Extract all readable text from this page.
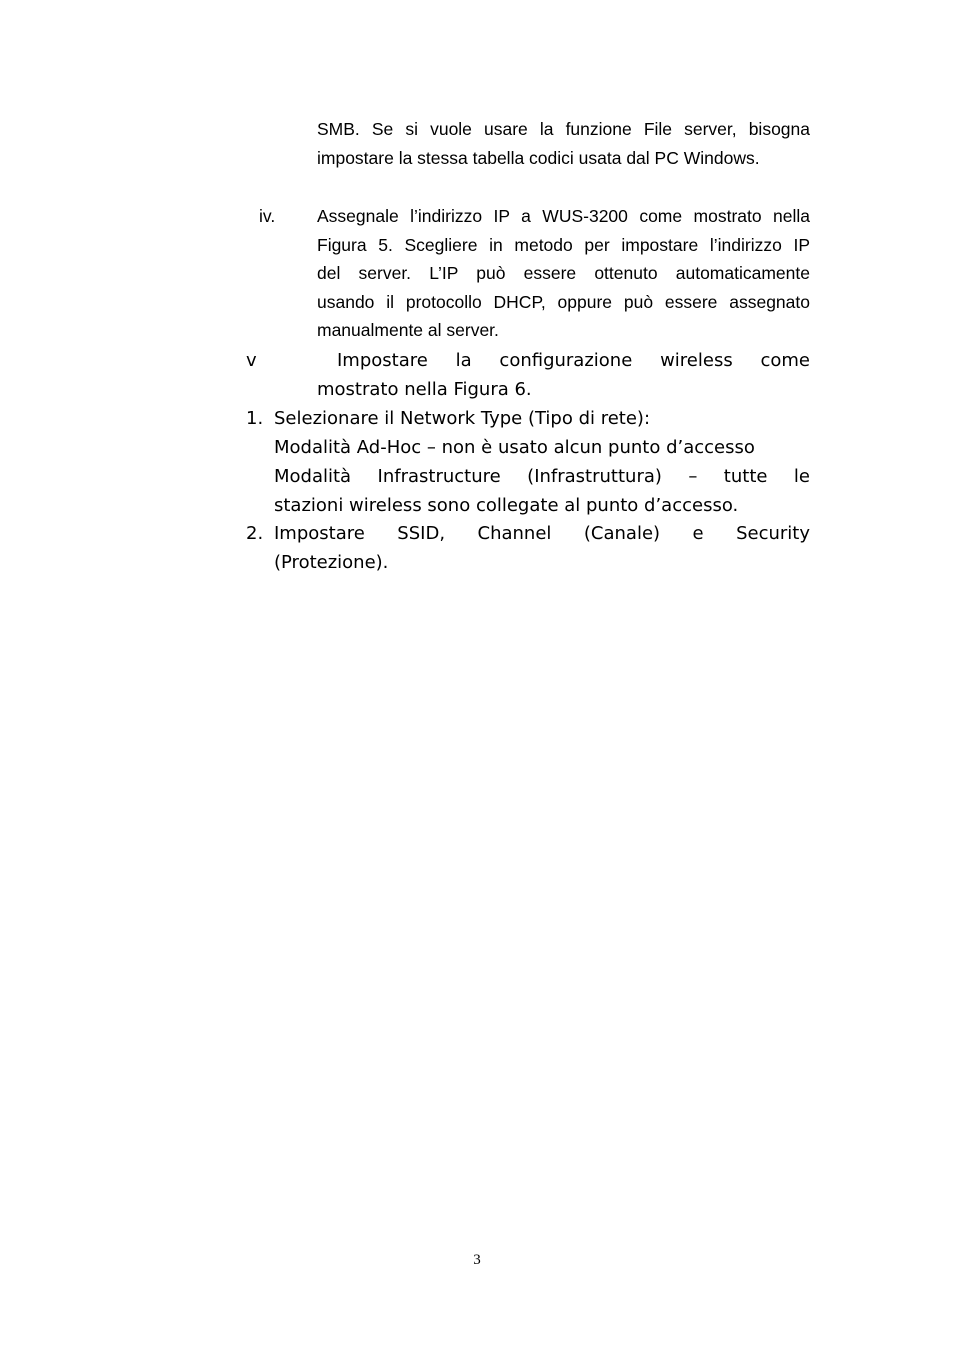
SMB. Se si vuole usare la funzione File server, bisogna
impostare la stessa tabella codici usata dal PC Windows.
iv. Assegnale l’indirizzo IP a WUS-3200 come mostrato nella
Figura 5. Scegliere in metodo per impostare l’indirizzo IP
del server. L’IP può essere ottenuto automaticamente
usando il protocollo DHCP, oppure può essere assegnato
manualmente al server.
v	Impostare la configurazione wireless come
mostrato nella Figura 6.
1. Selezionare il Network Type (Tipo di rete):
Modalità Ad-Hoc – non è usato alcun punto d’accesso
Modalità Infrastructure (Infrastruttura) – tutte le
stazioni wireless sono collegate al punto d’accesso.
2. Impostare SSID, Channel (Canale) e Security
(Protezione).
3
